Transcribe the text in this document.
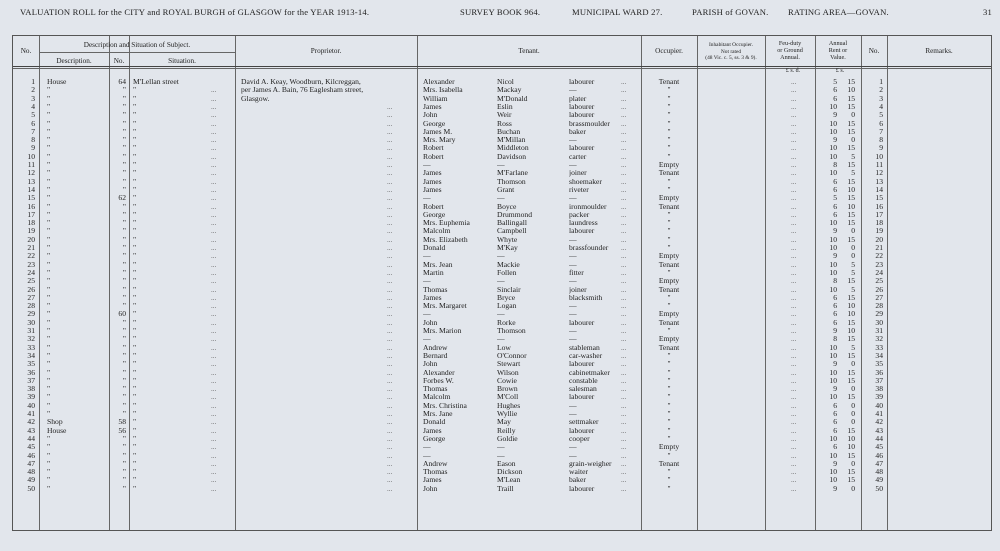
VALUATION ROLL for the CITY and ROYAL BURGH of GLASGOW for the YEAR 1913-14.	SURVEY BOOK 964.	MUNICIPAL WARD 27.	PARISH of GOVAN. RATING AREA—GOVAN.	31
No.
Description and Situation of Subject.
Description.	No.	Situation.
Proprietor.	Tenant.	Occupier.
Inhabitant Occupier.
Not rated
(48 Vic. c. 5, ss. 3 & 9).
Feu-duty
or Ground
Annual.
Annual
Rent or
Value.
No.	Remarks.
£ s. d.	£ s.
David A. Keay, Woodburn, Kilcreggan,
per James A. Bain, 76 Eaglesham street,
Glasgow.
1 House	64 M'Lellan street	Alexander	Nicol	labourer	Tenant	5	15	1
...	...
2 "	" "	Mrs. Isabella	Mackay	—	"	6	10	2
...	...	...
3 "	" "	William	M'Donald	plater	"	6	15	3
...	...	...
4 "	" "	James	Eslin	labourer	"	10	15	4
...	...	...	...
5 "	" "	John	Weir	labourer	"	9	0	5
...	...	...	...
6 "	" "	George	Ross	brassmoulder	"	10	15	6
...	...	...	...
7 "	" "	James M.	Buchan	baker	"	10	15	7
...	...	...	...
8 "	" "	Mrs. Mary	M'Millan	—	"	9	0	8
...	...	...	...
9 "	" "	Robert	Middleton	labourer	"	10	15	9
...	...	...	...
10 "	" "	Robert	Davidson	carter	"	10	5	10
...	...	...	...
11 "	" "	—	—	—	Empty	8	15	11
...	...	...	...
12 "	" "	James	M'Farlane	joiner	Tenant	10	5	12
...	...	...	...
13 "	" "	James	Thomson	shoemaker	"	6	15	13
...	...	...	...
14 "	" "	James	Grant	riveter	"	6	10	14
...	...	...	...
15 "	62 "	—	—	—	Empty	5	15	15
...	...	...	...
16 "	" "	Robert	Boyce	ironmoulder	Tenant	6	10	16
...	...	...	...
17 "	" "	George	Drummond	packer	"	6	15	17
...	...	...	...
18 "	" "	Mrs. Euphemia	Ballingall	laundress	"	10	15	18
...	...	...	...
19 "	" "	Malcolm	Campbell	labourer	"	9	0	19
...	...	...	...
20 "	" "	Mrs. Elizabeth	Whyte	—	"	10	15	20
...	...	...	...
21 "	" "	Donald	M'Kay	brassfounder	"	10	0	21
...	...	...	...
22 "	" "	—	—	—	Empty	9	0	22
...	...	...	...
23 "	" "	Mrs. Jean	Mackie	—	Tenant	10	5	23
...	...	...	...
24 "	" "	Martin	Follen	fitter	"	10	5	24
...	...	...	...
25 "	" "	—	—	—	Empty	8	15	25
...	...	...	...
26 "	" "	Thomas	Sinclair	joiner	Tenant	10	5	26
...	...	...	...
27 "	" "	James	Bryce	blacksmith	"	6	15	27
...	...	...	...
28 "	" "	Mrs. Margaret	Logan	—	"	6	10	28
...	...	...	...
29 "	60 "	—	—	—	Empty	6	10	29
...	...	...	...
30 "	" "	John	Rorke	labourer	Tenant	6	15	30
...	...	...	...
31 "	" "	Mrs. Marion	Thomson	—	"	9	10	31
...	...	...	...
32 "	" "	—	—	—	Empty	8	15	32
...	...	...	...
33 "	" "	Andrew	Low	stableman	Tenant	10	5	33
...	...	...	...
34 "	" "	Bernard	O'Connor	car-washer	"	10	15	34
...	...	...	...
35 "	" "	John	Stewart	labourer	"	9	0	35
...	...	...	...
36 "	" "	Alexander	Wilson	cabinetmaker	"	10	15	36
...	...	...	...
37 "	" "	Forbes W.	Cowie	constable	"	10	15	37
...	...	...	...
38 "	" "	Thomas	Brown	salesman	"	9	0	38
...	...	...	...
39 "	" "	Malcolm	M'Coll	labourer	"	10	15	39
...	...	...	...
40 "	" "	Mrs. Christina	Hughes	—	"	6	0	40
...	...	...	...
41 "	" "	Mrs. Jane	Wyllie	—	"	6	0	41
...	...	...	...
42 Shop	58 "	Donald	May	settmaker	"	6	0	42
...	...	...	...
43 House	56 "	James	Reilly	labourer	"	6	15	43
...	...	...	...
44 "	" "	George	Goldie	cooper	"	10	10	44
...	...	...	...
45 "	" "	—	—	—	Empty	6	10	45
...	...	...	...
46 "	" "	—	—	—	"	10	15	46
...	...	...	...
47 "	" "	Andrew	Eason	grain-weigher	Tenant	9	0	47
...	...	...	...
48 "	" "	Thomas	Dickson	waiter	"	10	15	48
...	...	...	...
49 "	" "	James	M'Lean	baker	"	10	15	49
...	...	...	...
50 "	" "	John	Traill	labourer	"	9	0	50
...	...	...	...
